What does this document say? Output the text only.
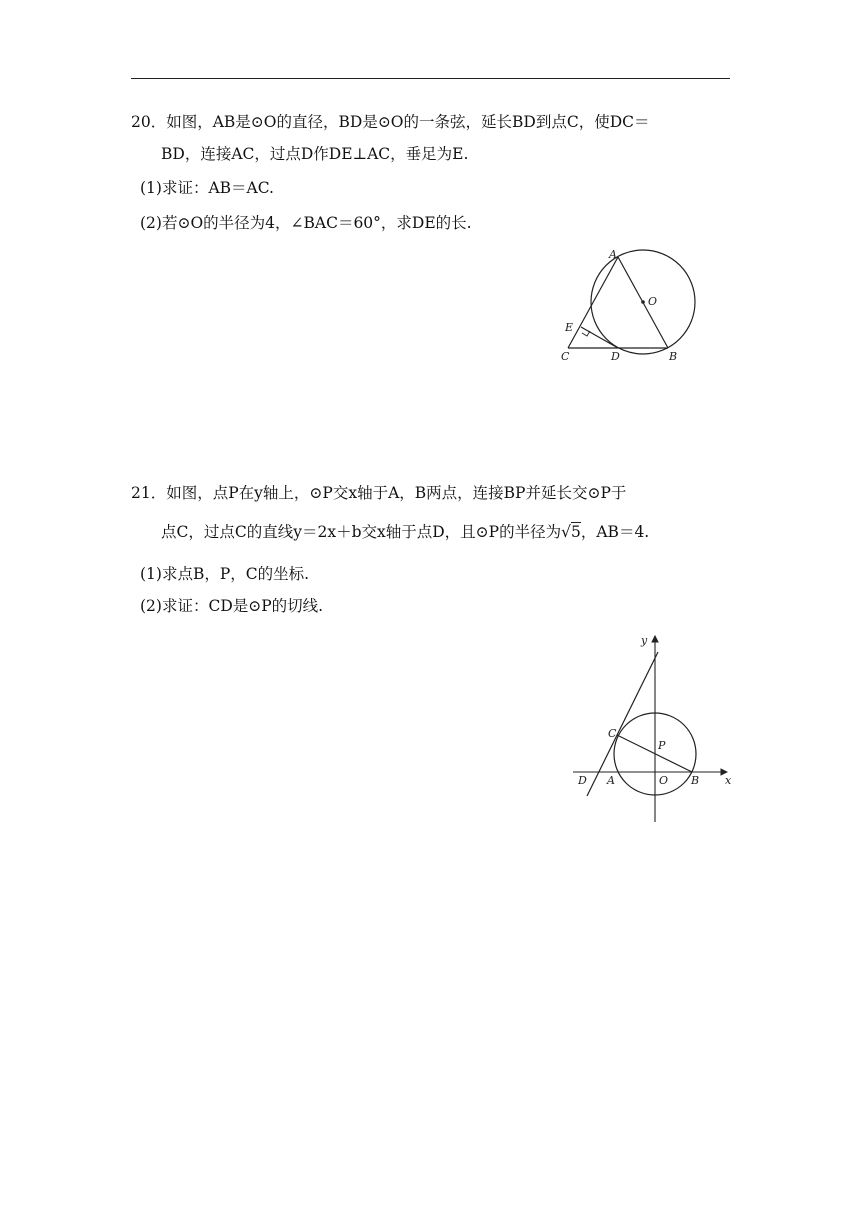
20．如图，AB是⊙O的直径，BD是⊙O的一条弦，延长BD到点C，使DC＝
BD，连接AC，过点D作DE⊥AC，垂足为E.
(1)求证：AB＝AC.
(2)若⊙O的半径为4，∠BAC＝60°，求DE的长.
A
O
E
C	D	B
21．如图，点P在y轴上，⊙P交x轴于A，B两点，连接BP并延长交⊙P于
点C，过点C的直线y＝2x＋b交x轴于点D，且⊙P的半径为√5，AB＝4.
(1)求点B，P，C的坐标.
(2)求证：CD是⊙P的切线.
y
x
C
P
D A	O B
